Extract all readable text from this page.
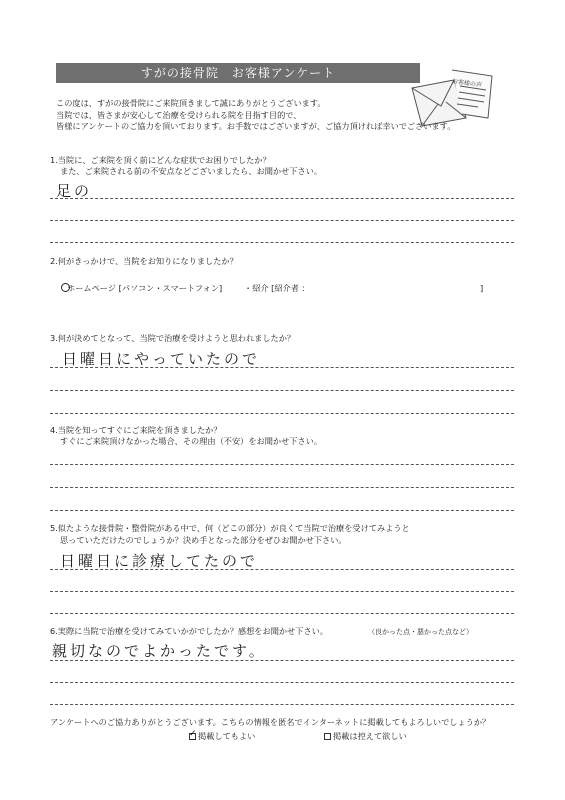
すがの接骨院　お客様アンケート
お客様の声
この度は、すがの接骨院にご来院頂きまして誠にありがとうございます。
当院では、皆さまが安心して治療を受けられる院を目指す目的で、
皆様にアンケートのご協力を頂いております。お手数ではございますが、ご協力頂ければ幸いでございます。
1.当院に、ご来院を頂く前にどんな症状でお困りでしたか？
また、ご来院される前の不安点などございましたら、お聞かせ下さい。
足の
2.何がきっかけで、当院をお知りになりましたか？
ホームページ [パソコン・スマートフォン]	・紹介 [紹介者 ：	]
3.何が決めてとなって、当院で治療を受けようと思われましたか？
日曜日にやっていたので
4.当院を知ってすぐにご来院を頂きましたか？
すぐにご来院頂けなかった場合、その理由（不安）をお聞かせ下さい。
5.似たような接骨院・整骨院がある中で、何（どこの部分）が良くて当院で治療を受けてみようと
思っていただけたのでしょうか？決め手となった部分をぜひお聞かせ下さい。
日曜日に診療してたので
6.実際に当院で治療を受けてみていかがでしたか？感想をお聞かせ下さい。	（良かった点・悪かった点など）
親切なのでよかったです。
アンケートへのご協力ありがとうございます。こちらの情報を匿名でインターネットに掲載してもよろしいでしょうか？
✓掲載してもよい	掲載は控えて欲しい
